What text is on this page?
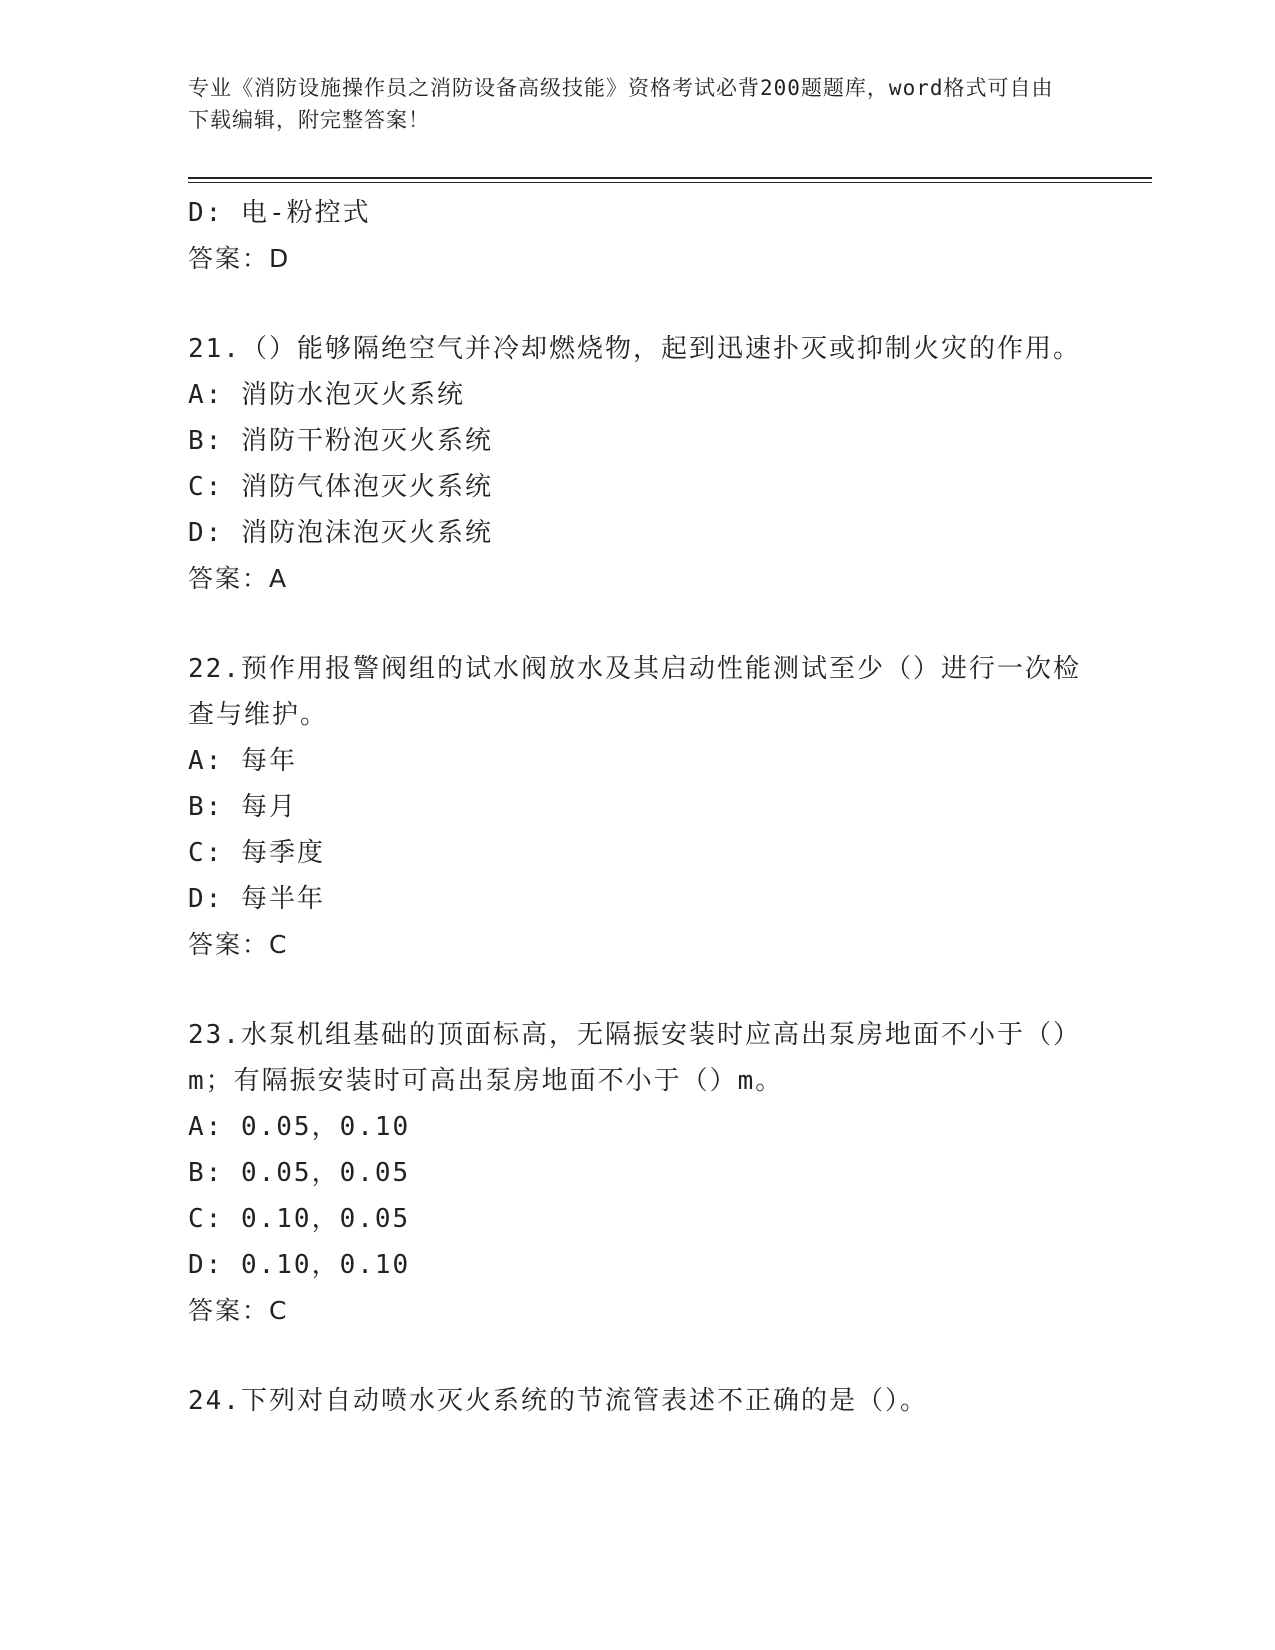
专业《消防设施操作员之消防设备高级技能》资格考试必背200题题库，word格式可自由下载编辑，附完整答案！
D: 电-粉控式
答案：D
21.（）能够隔绝空气并冷却燃烧物，起到迅速扑灭或抑制火灾的作用。
A: 消防水泡灭火系统
B: 消防干粉泡灭火系统
C: 消防气体泡灭火系统
D: 消防泡沫泡灭火系统
答案：A
22.预作用报警阀组的试水阀放水及其启动性能测试至少（）进行一次检查与维护。
A: 每年
B: 每月
C: 每季度
D: 每半年
答案：C
23.水泵机组基础的顶面标高，无隔振安装时应高出泵房地面不小于（）m；有隔振安装时可高出泵房地面不小于（）m。
A: 0.05，0.10
B: 0.05，0.05
C: 0.10，0.05
D: 0.10，0.10
答案：C
24.下列对自动喷水灭火系统的节流管表述不正确的是（）。
